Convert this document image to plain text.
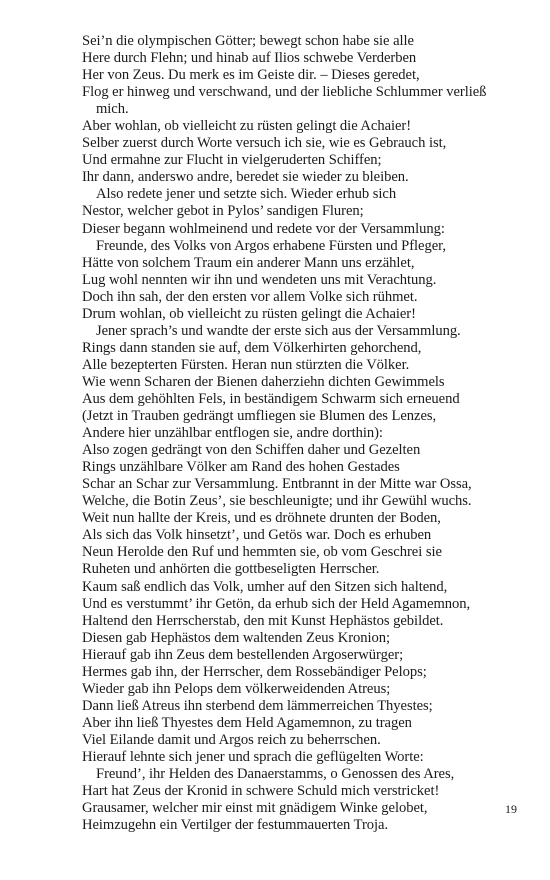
Sei’n die olympischen Götter; bewegt schon habe sie alle
Here durch Flehn; und hinab auf Ilios schwebe Verderben
Her von Zeus. Du merk es im Geiste dir. – Dieses geredet,
Flog er hinweg und verschwand, und der liebliche Schlummer verließ
mich.
Aber wohlan, ob vielleicht zu rüsten gelingt die Achaier!
Selber zuerst durch Worte versuch ich sie, wie es Gebrauch ist,
Und ermahne zur Flucht in vielgeruderten Schiffen;
Ihr dann, anderswo andre, beredet sie wieder zu bleiben.
Also redete jener und setzte sich. Wieder erhub sich
Nestor, welcher gebot in Pylos’ sandigen Fluren;
Dieser begann wohlmeinend und redete vor der Versammlung:
Freunde, des Volks von Argos erhabene Fürsten und Pfleger,
Hätte von solchem Traum ein anderer Mann uns erzählet,
Lug wohl nennten wir ihn und wendeten uns mit Verachtung.
Doch ihn sah, der den ersten vor allem Volke sich rühmet.
Drum wohlan, ob vielleicht zu rüsten gelingt die Achaier!
Jener sprach’s und wandte der erste sich aus der Versammlung.
Rings dann standen sie auf, dem Völkerhirten gehorchend,
Alle bezepterten Fürsten. Heran nun stürzten die Völker.
Wie wenn Scharen der Bienen daherziehn dichten Gewimmels
Aus dem gehöhlten Fels, in beständigem Schwarm sich erneuend
(Jetzt in Trauben gedrängt umfliegen sie Blumen des Lenzes,
Andere hier unzählbar entflogen sie, andre dorthin):
Also zogen gedrängt von den Schiffen daher und Gezelten
Rings unzählbare Völker am Rand des hohen Gestades
Schar an Schar zur Versammlung. Entbrannt in der Mitte war Ossa,
Welche, die Botin Zeus’, sie beschleunigte; und ihr Gewühl wuchs.
Weit nun hallte der Kreis, und es dröhnete drunten der Boden,
Als sich das Volk hinsetzt’, und Getös war. Doch es erhuben
Neun Herolde den Ruf und hemmten sie, ob vom Geschrei sie
Ruheten und anhörten die gottbeseligten Herrscher.
Kaum saß endlich das Volk, umher auf den Sitzen sich haltend,
Und es verstummt’ ihr Getön, da erhub sich der Held Agamemnon,
Haltend den Herrscherstab, den mit Kunst Hephästos gebildet.
Diesen gab Hephästos dem waltenden Zeus Kronion;
Hierauf gab ihn Zeus dem bestellenden Argoserwürger;
Hermes gab ihn, der Herrscher, dem Rossebändiger Pelops;
Wieder gab ihn Pelops dem völkerweidenden Atreus;
Dann ließ Atreus ihn sterbend dem lämmerreichen Thyestes;
Aber ihn ließ Thyestes dem Held Agamemnon, zu tragen
Viel Eilande damit und Argos reich zu beherrschen.
Hierauf lehnte sich jener und sprach die geflügelten Worte:
Freund’, ihr Helden des Danaerstamms, o Genossen des Ares,
Hart hat Zeus der Kronid in schwere Schuld mich verstricket!
Grausamer, welcher mir einst mit gnädigem Winke gelobet,
Heimzugehn ein Vertilger der festummauerten Troja.
19
